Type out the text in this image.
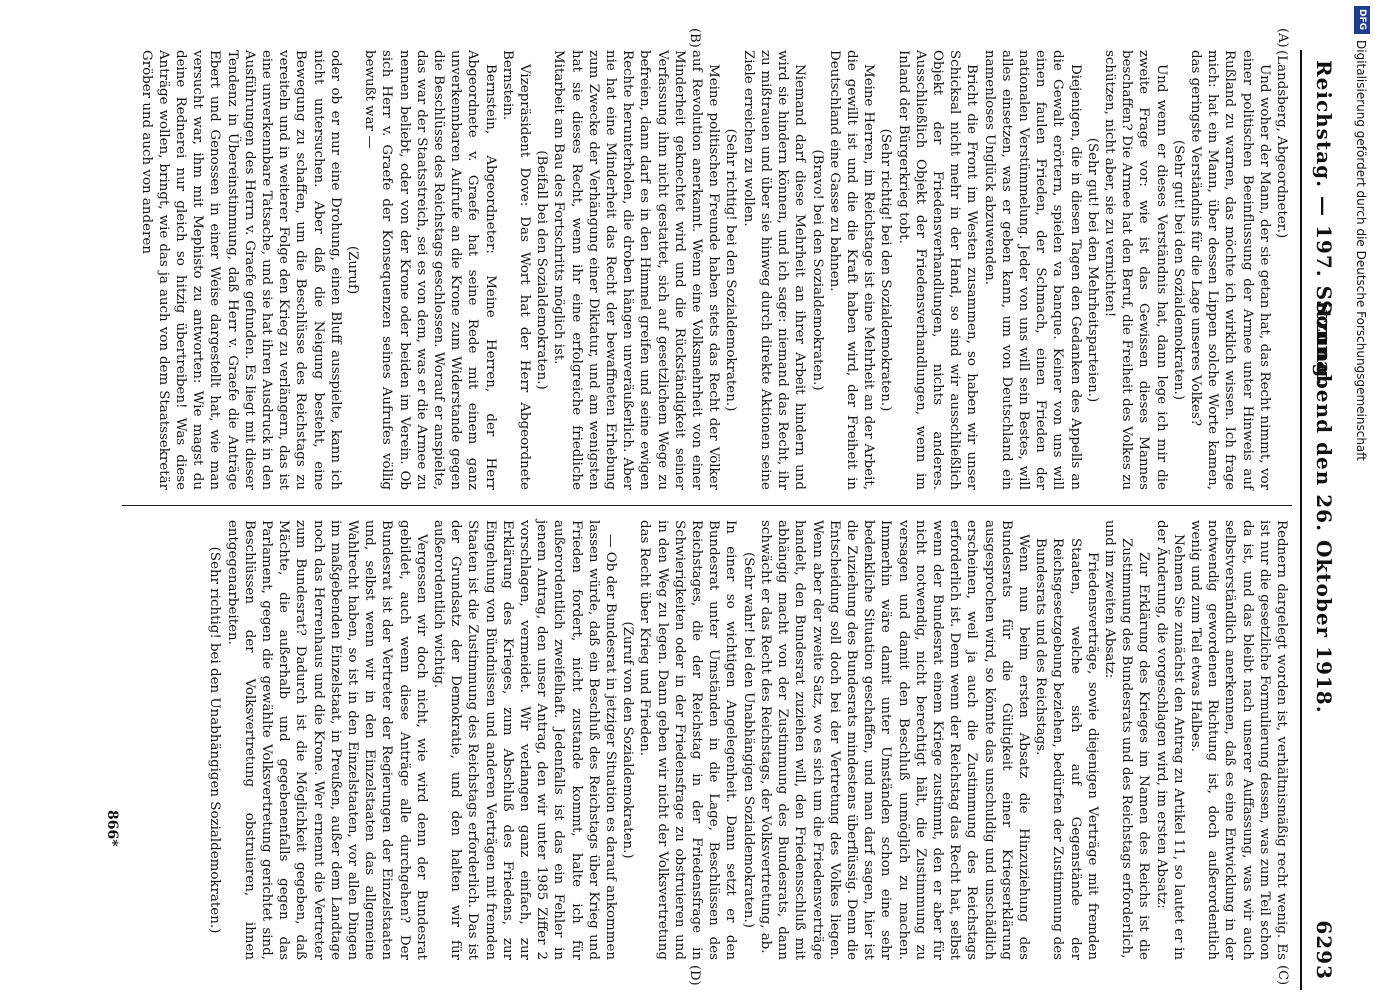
Reichstag. — 197. Sitzung.
Sonnabend den 26. Oktober 1918.
6293
(A)
(B)
(C)
(D)

(Landsberg, Abgeordneter.)

Und woher der Mann, der sie getan hat, das Recht nimmt, vor einer politischen Beeinflussung der Armee unter Hinweis auf Rußland zu warnen, das möchte ich wirklich wissen. Ich frage mich: hat ein Mann, über dessen Lippen solche Worte kamen, das geringste Verständnis für die Lage unseres Volkes?

(Sehr gut! bei den Sozialdemokraten.)

Und wenn er dieses Verständnis hat, dann lege ich mir die zweite Frage vor: wie ist das Gewissen dieses Mannes beschaffen? Die Armee hat den Beruf, die Freiheit des Volkes zu schützen, nicht aber, sie zu vernichten!

(Sehr gut! bei den Mehrheitsparteien.)

Diejenigen, die in diesen Tagen den Gedanken des Appells an die Gewalt erörtern, spielen va banque. Keiner von uns will einen faulen Frieden, der Schmach, einen Frieden der nationalen Verstümmelung. Jeder von uns will sein Bestes, will alles einsetzen, was er geben kann, um von Deutschland ein namenloses Unglück abzuwenden.

Bricht die Front im Westen zusammen, so haben wir unser Schicksal nicht mehr in der Hand, so sind wir ausschließlich Objekt der Friedensverhandlungen, nichts anderes. Ausschließlich Objekt der Friedensverhandlungen, wenn im Inland der Bürgerkrieg tobt.

(Sehr richtig! bei den Sozialdemokraten.)

Meine Herren, im Reichstage ist eine Mehrheit an der Arbeit, die gewillt ist und die die Kraft haben wird, der Freiheit in Deutschland eine Gasse zu bahnen.

(Bravo! bei den Sozialdemokraten.)

Niemand darf diese Mehrheit an ihrer Arbeit hindern und wird sie hindern können, und ich sage: niemand das Recht, ihr zu mißtrauen und über sie hinweg durch direkte Aktionen seine Ziele erreichen zu wollen.

(Sehr richtig! bei den Sozialdemokraten.)

Meine politischen Freunde haben stets das Recht der Völker auf Revolution anerkannt. Wenn eine Volksmehrheit von einer Minderheit geknechtet wird und die Rückständigkeit seiner Verfassung ihm nicht gestattet, sich auf gesetzlichem Wege zu befreien, dann darf es in den Himmel greifen und seine ewigen Rechte herunterholen, die droben hängen unveräußerlich. Aber nie hat eine Minderheit das Recht der bewaffneten Erhebung zum Zwecke der Verhängung einer Diktatur, und am wenigsten hat sie dieses Recht, wenn ihr eine erfolgreiche friedliche Mitarbeit am Bau des Fortschritts möglich ist.

(Beifall bei den Sozialdemokraten.)

Vizepräsident Dove: Das Wort hat der Herr Abgeordnete Bernstein.

Bernstein, Abgeordneter: Meine Herren, der Herr Abgeordnete v. Graefe hat seine Rede mit einem ganz unverkennbaren Aufrufe an die Krone zum Widerstande gegen die Beschlüsse des Reichstags geschlossen. Worauf er anspielte, das war der Staatsstreich, sei es von dem, was er die Armee zu nennen beliebt, oder von der Krone oder beiden im Verein. Ob sich Herr v. Graefe der Konsequenzen seines Aufrufes völlig bewußt war —

(Zuruf)

oder ob er nur eine Drohung, einen Bluff ausspielte, kann ich nicht untersuchen. Aber daß die Neigung besteht, eine Bewegung zu schaffen, um die Beschlüsse des Reichstags zu vereiteln und in weiterer Folge den Krieg zu verlängern, das ist eine unverkennbare Tatsache, und sie hat ihren Ausdruck in den Ausführungen des Herrn v. Graefe gefunden. Es liegt mit dieser Tendenz in Übereinstimmung, daß Herr v. Graefe die Anträge Ebert und Genossen in einer Weise dargestellt hat, wie man versucht war, ihm mit Mephisto zu antworten: Wie magst du deine Rednerei nur gleich so hitzig übertreiben! Was diese Anträge wollen, bringt, wie das ja auch von dem Staatssekretär Gröber und auch von anderen

Rednern dargelegt worden ist, verhältnismäßig recht wenig. Es ist nur die gesetzliche Formulierung dessen, was zum Teil schon da ist, und das bleibt nach unserer Auffassung, was wir auch selbstverständlich anerkennen, daß es eine Entwicklung in der notwendig gewordenen Richtung ist, doch außerordentlich wenig und zum Teil etwas Halbes.

Nehmen Sie zunächst den Antrag zu Artikel 11, so lautet er in der Änderung, die vorgeschlagen wird, im ersten Absatz:

Zur Erklärung des Krieges im Namen des Reichs ist die Zustimmung des Bundesrats und des Reichstags erforderlich,

und im zweiten Absatz:

Friedensverträge, sowie diejenigen Verträge mit fremden Staaten, welche sich auf Gegenstände der Reichsgesetzgebung beziehen, bedürfen der Zustimmung des Bundesrats und des Reichstags.

Wenn nun beim ersten Absatz die Hinzuziehung des Bundesrats für die Gültigkeit einer Kriegserklärung ausgesprochen wird, so könnte das unschuldig und unschädlich erscheinen, weil ja auch die Zustimmung des Reichstags erforderlich ist. Denn wenn der Reichstag das Recht hat, selbst wenn der Bundesrat einem Kriege zustimmt, den er aber für nicht notwendig, nicht berechtigt hält, die Zustimmung zu versagen und damit den Beschluß unmöglich zu machen. Immerhin wäre damit unter Umständen schon eine sehr bedenkliche Situation geschaffen, und man darf sagen, hier ist die Zuziehung des Bundesrats mindestens überflüssig. Denn die Entscheidung soll doch bei der Vertretung des Volkes liegen. Wenn aber der zweite Satz, wo es sich um die Friedensverträge handelt, den Bundesrat zuziehen will, den Friedensschluß mit abhängig macht von der Zustimmung des Bundesrats, dann schwächt er das Recht des Reichstags, der Volksvertretung, ab.

(Sehr wahr! bei den Unabhängigen Sozialdemokraten.)

In einer so wichtigen Angelegenheit. Dann setzt er den Bundesrat unter Umständen in die Lage, Beschlüssen des Reichstages, die der Reichstag in der Friedensfrage in Schwierigkeiten oder in der Friedensfrage zu obstruieren und in den Weg zu legen. Dann geben wir nicht der Volksvertretung das Recht über Krieg und Frieden.

(Zuruf von den Sozialdemokraten.)

— Ob der Bundesrat in jetziger Situation es darauf ankommen lassen würde, daß ein Beschluß des Reichstags über Krieg und Frieden fordert, nicht zustande kommt, halte ich für außerordentlich zweifelhaft. Jedenfalls ist das ein Fehler in jenem Antrag, den unser Antrag, den wir unter 1985 Ziffer 2 vorschlagen, vermeidet. Wir verlangen ganz einfach, zur Erklärung des Krieges, zum Abschluß des Friedens, zur Eingehung von Bündnissen und anderen Verträgen mit fremden Staaten ist die Zustimmung des Reichstags erforderlich. Das ist der Grundsatz der Demokratie, und den halten wir für außerordentlich wichtig.

Vergessen wir doch nicht, wie wird denn der Bundesrat gebildet, auch wenn diese Anträge alle durchgehen? Der Bundesrat ist der Vertreter der Regierungen der Einzelstaaten und, selbst wenn wir in den Einzelstaaten das allgemeine Wahlrecht haben, so ist in den Einzelstaaten, vor allen Dingen im maßgebenden Einzelstaat, in Preußen, außer dem Landtage noch das Herrenhaus und die Krone. Wer ernennt die Vertreter zum Bundesrat? Dadurch ist die Möglichkeit gegeben, daß Mächte, die außerhalb und gegebenenfalls gegen das Parlament, gegen die gewählte Volksvertretung gerichtet sind, Beschlüssen der Volksvertretung obstruieren, ihnen entgegenarbeiten.

(Sehr richtig! bei den Unabhängigen Sozialdemokraten.)

866*
DFG
Digitalisierung gefördert durch die Deutsche Forschungsgemeinschaft
